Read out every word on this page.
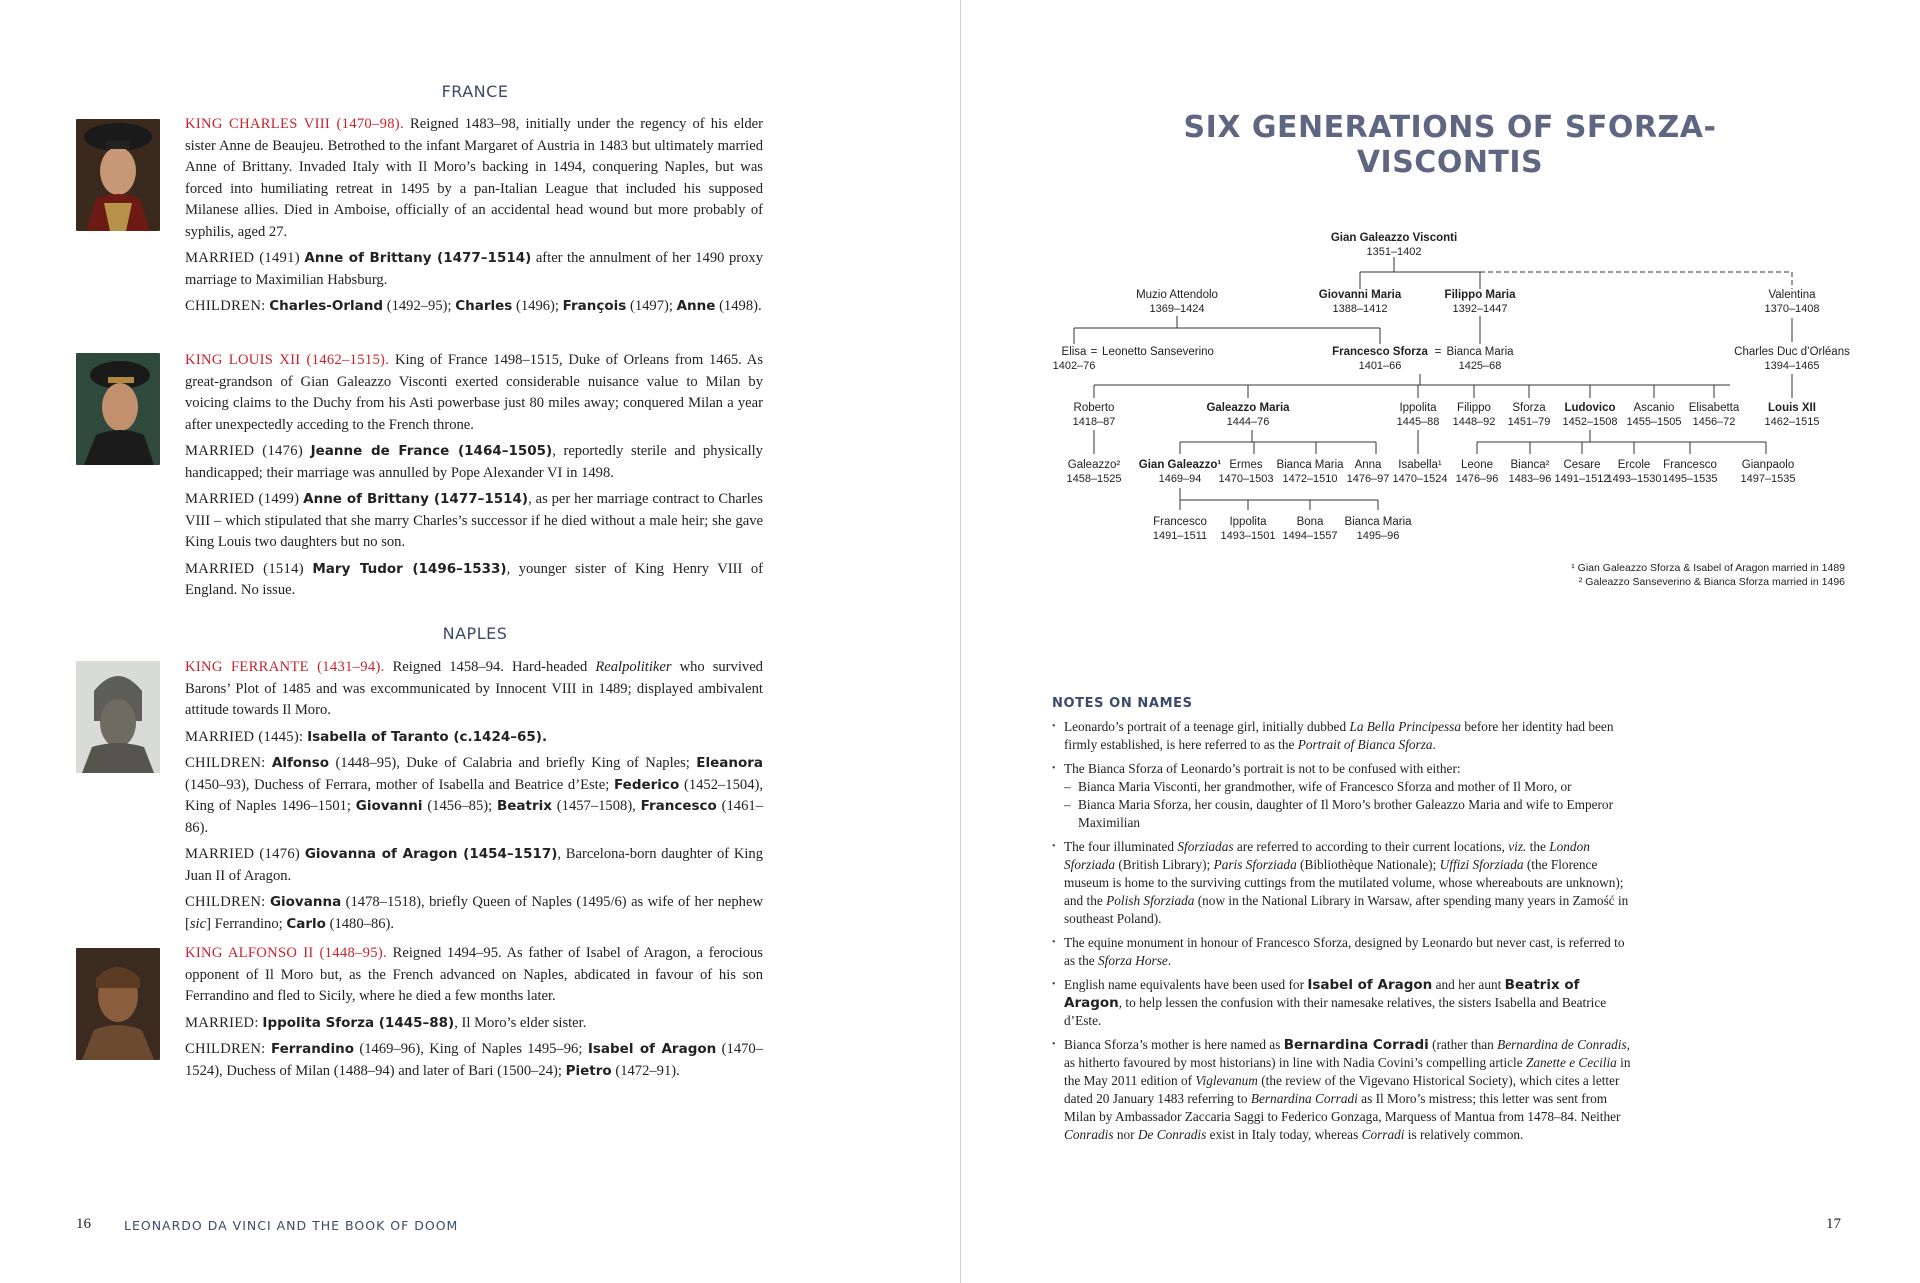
FRANCE

KING CHARLES VIII (1470–98). Reigned 1483–98, initially under the regency of his elder sister Anne de Beaujeu. Betrothed to the infant Margaret of Austria in 1483 but ultimately married Anne of Brittany. Invaded Italy with Il Moro’s backing in 1494, conquering Naples, but was forced into humiliating retreat in 1495 by a pan-Italian League that included his supposed Milanese allies. Died in Amboise, officially of an accidental head wound but more probably of syphilis, aged 27.

MARRIED (1491) Anne of Brittany (1477–1514) after the annulment of her 1490 proxy marriage to Maximilian Habsburg.

CHILDREN: Charles-Orland (1492–95); Charles (1496); François (1497); Anne (1498).

KING LOUIS XII (1462–1515). King of France 1498–1515, Duke of Orleans from 1465. As great-grandson of Gian Galeazzo Visconti exerted considerable nuisance value to Milan by voicing claims to the Duchy from his Asti powerbase just 80 miles away; conquered Milan a year after unexpectedly acceding to the French throne.

MARRIED (1476) Jeanne de France (1464–1505), reportedly sterile and physically handicapped; their marriage was annulled by Pope Alexander VI in 1498.

MARRIED (1499) Anne of Brittany (1477–1514), as per her marriage contract to Charles VIII – which stipulated that she marry Charles’s successor if he died without a male heir; she gave King Louis two daughters but no son.

MARRIED (1514) Mary Tudor (1496–1533), younger sister of King Henry VIII of England. No issue.

NAPLES

KING FERRANTE (1431–94). Reigned 1458–94. Hard-headed Realpolitiker who survived Barons’ Plot of 1485 and was excommunicated by Innocent VIII in 1489; displayed ambivalent attitude towards Il Moro.

MARRIED (1445): Isabella of Taranto (c.1424–65).

CHILDREN: Alfonso (1448–95), Duke of Calabria and briefly King of Naples; Eleanora (1450–93), Duchess of Ferrara, mother of Isabella and Beatrice d’Este; Federico (1452–1504), King of Naples 1496–1501; Giovanni (1456–85); Beatrix (1457–1508), Francesco (1461–86).

MARRIED (1476) Giovanna of Aragon (1454–1517), Barcelona-born daughter of King Juan II of Aragon.

CHILDREN: Giovanna (1478–1518), briefly Queen of Naples (1495/6) as wife of her nephew [sic] Ferrandino; Carlo (1480–86).

KING ALFONSO II (1448–95). Reigned 1494–95. As father of Isabel of Aragon, a ferocious opponent of Il Moro but, as the French advanced on Naples, abdicated in favour of his son Ferrandino and fled to Sicily, where he died a few months later.

MARRIED: Ippolita Sforza (1445–88), Il Moro’s elder sister.

CHILDREN: Ferrandino (1469–96), King of Naples 1495–96; Isabel of Aragon (1470–1524), Duchess of Milan (1488–94) and later of Bari (1500–24); Pietro (1472–91).

16	LEONARDO DA VINCI AND THE BOOK OF DOOM
SIX GENERATIONS OF SFORZA-VISCONTIS
Gian Galeazzo Visconti
1351–1402
Muzio Attendolo
1369–1424
Giovanni Maria
1388–1412
Filippo Maria
1392–1447
Valentina
1370–1408
Elisa
1402–76
= Leonetto Sanseverino	Francesco Sforza
1401–66
= Bianca Maria
1425–68
Charles Duc d’Orléans
1394–1465
Roberto
1418–87
Galeazzo Maria
1444–76
Ippolita
1445–88
Filippo
1448–92
Sforza
1451–79
Ludovico
1452–1508
Ascanio
1455–1505
Elisabetta
1456–72
Louis XII
1462–1515
Galeazzo²
1458–1525
Gian Galeazzo¹
1469–94
Ermes
1470–1503
Bianca Maria
1472–1510
Anna
1476–97
Isabella¹
1470–1524
Leone
1476–96
Bianca²
1483–96
Cesare
1491–1512
Ercole
1493–1530
Francesco
1495–1535
Gianpaolo
1497–1535
Francesco
1491–1511
Ippolita
1493–1501
Bona
1494–1557
Bianca Maria
1495–96
¹ Gian Galeazzo Sforza & Isabel of Aragon married in 1489
² Galeazzo Sanseverino & Bianca Sforza married in 1496
NOTES ON NAMES
• Leonardo’s portrait of a teenage girl, initially dubbed La Bella Principessa before her identity had been firmly established, is here referred to as the Portrait of Bianca Sforza.
• The Bianca Sforza of Leonardo’s portrait is not to be confused with either:
– Bianca Maria Visconti, her grandmother, wife of Francesco Sforza and mother of Il Moro, or
– Bianca Maria Sforza, her cousin, daughter of Il Moro’s brother Galeazzo Maria and wife to Emperor Maximilian
• The four illuminated Sforziadas are referred to according to their current locations, viz. the London Sforziada (British Library); Paris Sforziada (Bibliothèque Nationale); Uffizi Sforziada (the Florence museum is home to the surviving cuttings from the mutilated volume, whose whereabouts are unknown); and the Polish Sforziada (now in the National Library in Warsaw, after spending many years in Zamość in southeast Poland).
• The equine monument in honour of Francesco Sforza, designed by Leonardo but never cast, is referred to as the Sforza Horse.
• English name equivalents have been used for Isabel of Aragon and her aunt Beatrix of Aragon, to help lessen the confusion with their namesake relatives, the sisters Isabella and Beatrice d’Este.
• Bianca Sforza’s mother is here named as Bernardina Corradi (rather than Bernardina de Conradis, as hitherto favoured by most historians) in line with Nadia Covini’s compelling article Zanette e Cecilia in the May 2011 edition of Viglevanum (the review of the Vigevano Historical Society), which cites a letter dated 20 January 1483 referring to Bernardina Corradi as Il Moro’s mistress; this letter was sent from Milan by Ambassador Zaccaria Saggi to Federico Gonzaga, Marquess of Mantua from 1478–84. Neither Conradis nor De Conradis exist in Italy today, whereas Corradi is relatively common.
17
